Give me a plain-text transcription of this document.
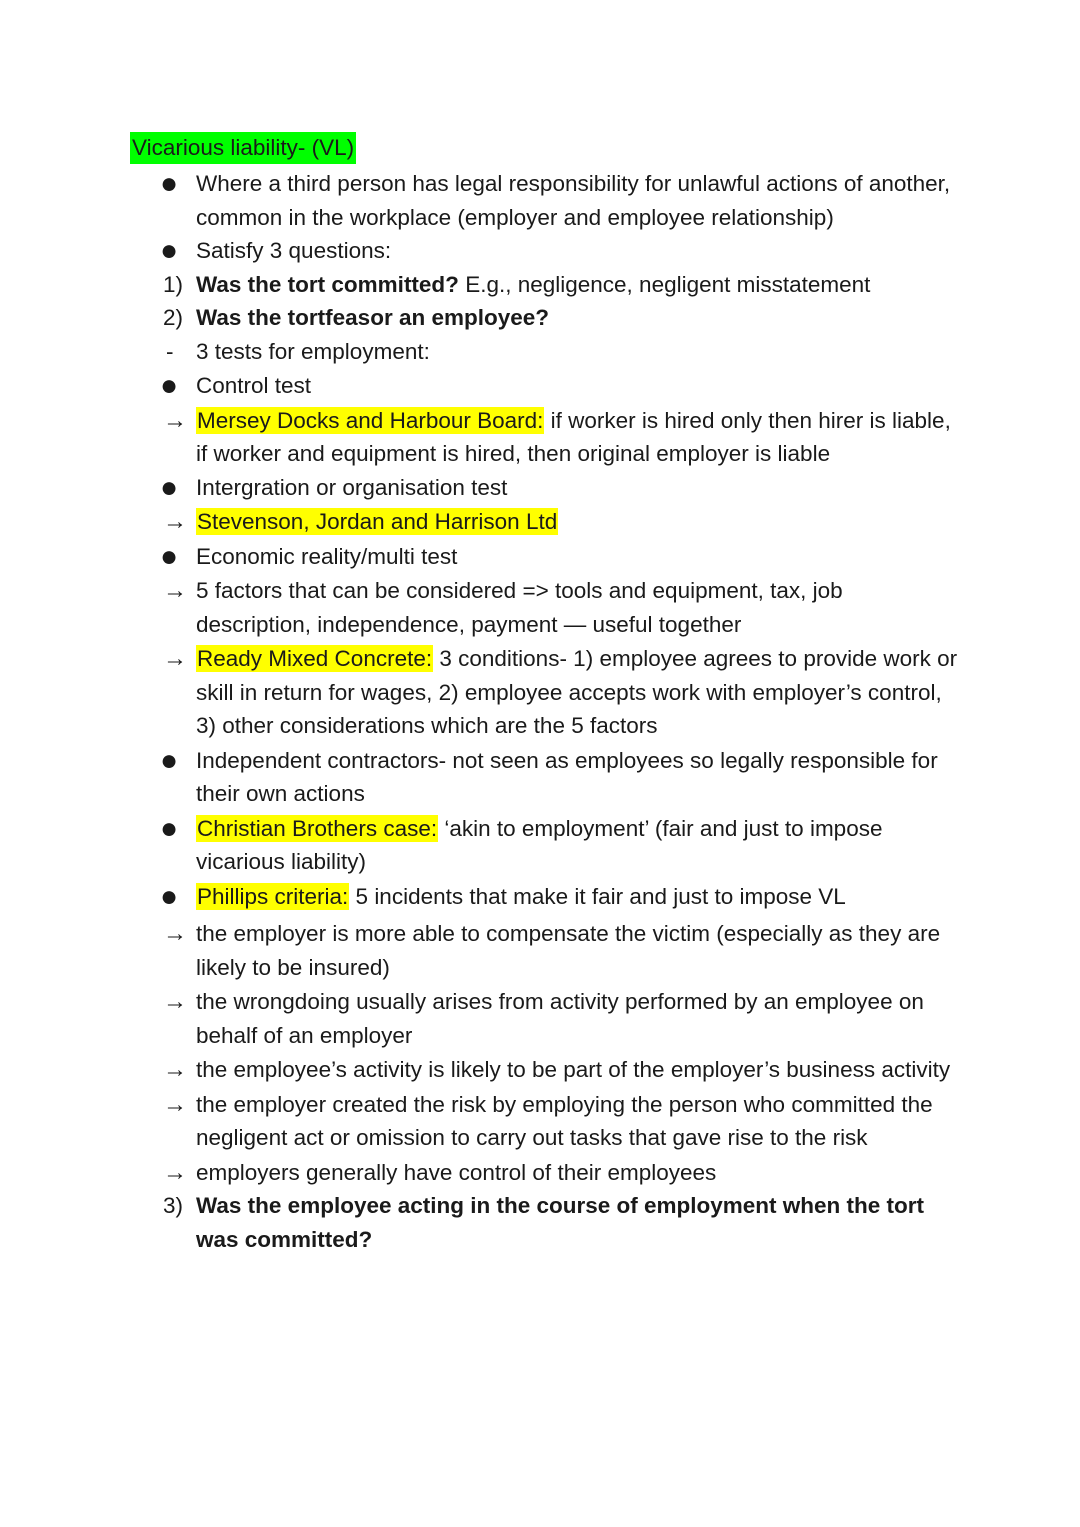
Vicarious liability- (VL)
● Where a third person has legal responsibility for unlawful actions of another, common in the workplace (employer and employee relationship)
● Satisfy 3 questions:
1) Was the tort committed? E.g., negligence, negligent misstatement
2) Was the tortfeasor an employee?
-	3 tests for employment:
● Control test
→ Mersey Docks and Harbour Board: if worker is hired only then hirer is liable, if worker and equipment is hired, then original employer is liable
● Intergration or organisation test
→ Stevenson, Jordan and Harrison Ltd
● Economic reality/multi test
→ 5 factors that can be considered => tools and equipment, tax, job description, independence, payment — useful together
→ Ready Mixed Concrete: 3 conditions- 1) employee agrees to provide work or skill in return for wages, 2) employee accepts work with employer’s control, 3) other considerations which are the 5 factors
● Independent contractors- not seen as employees so legally responsible for their own actions
● Christian Brothers case: ‘akin to employment’ (fair and just to impose vicarious liability)
● Phillips criteria: 5 incidents that make it fair and just to impose VL
→ the employer is more able to compensate the victim (especially as they are likely to be insured)
→ the wrongdoing usually arises from activity performed by an employee on behalf of an employer
→ the employee’s activity is likely to be part of the employer’s business activity
→ the employer created the risk by employing the person who committed the negligent act or omission to carry out tasks that gave rise to the risk
→ employers generally have control of their employees
3) Was the employee acting in the course of employment when the tort was committed?
